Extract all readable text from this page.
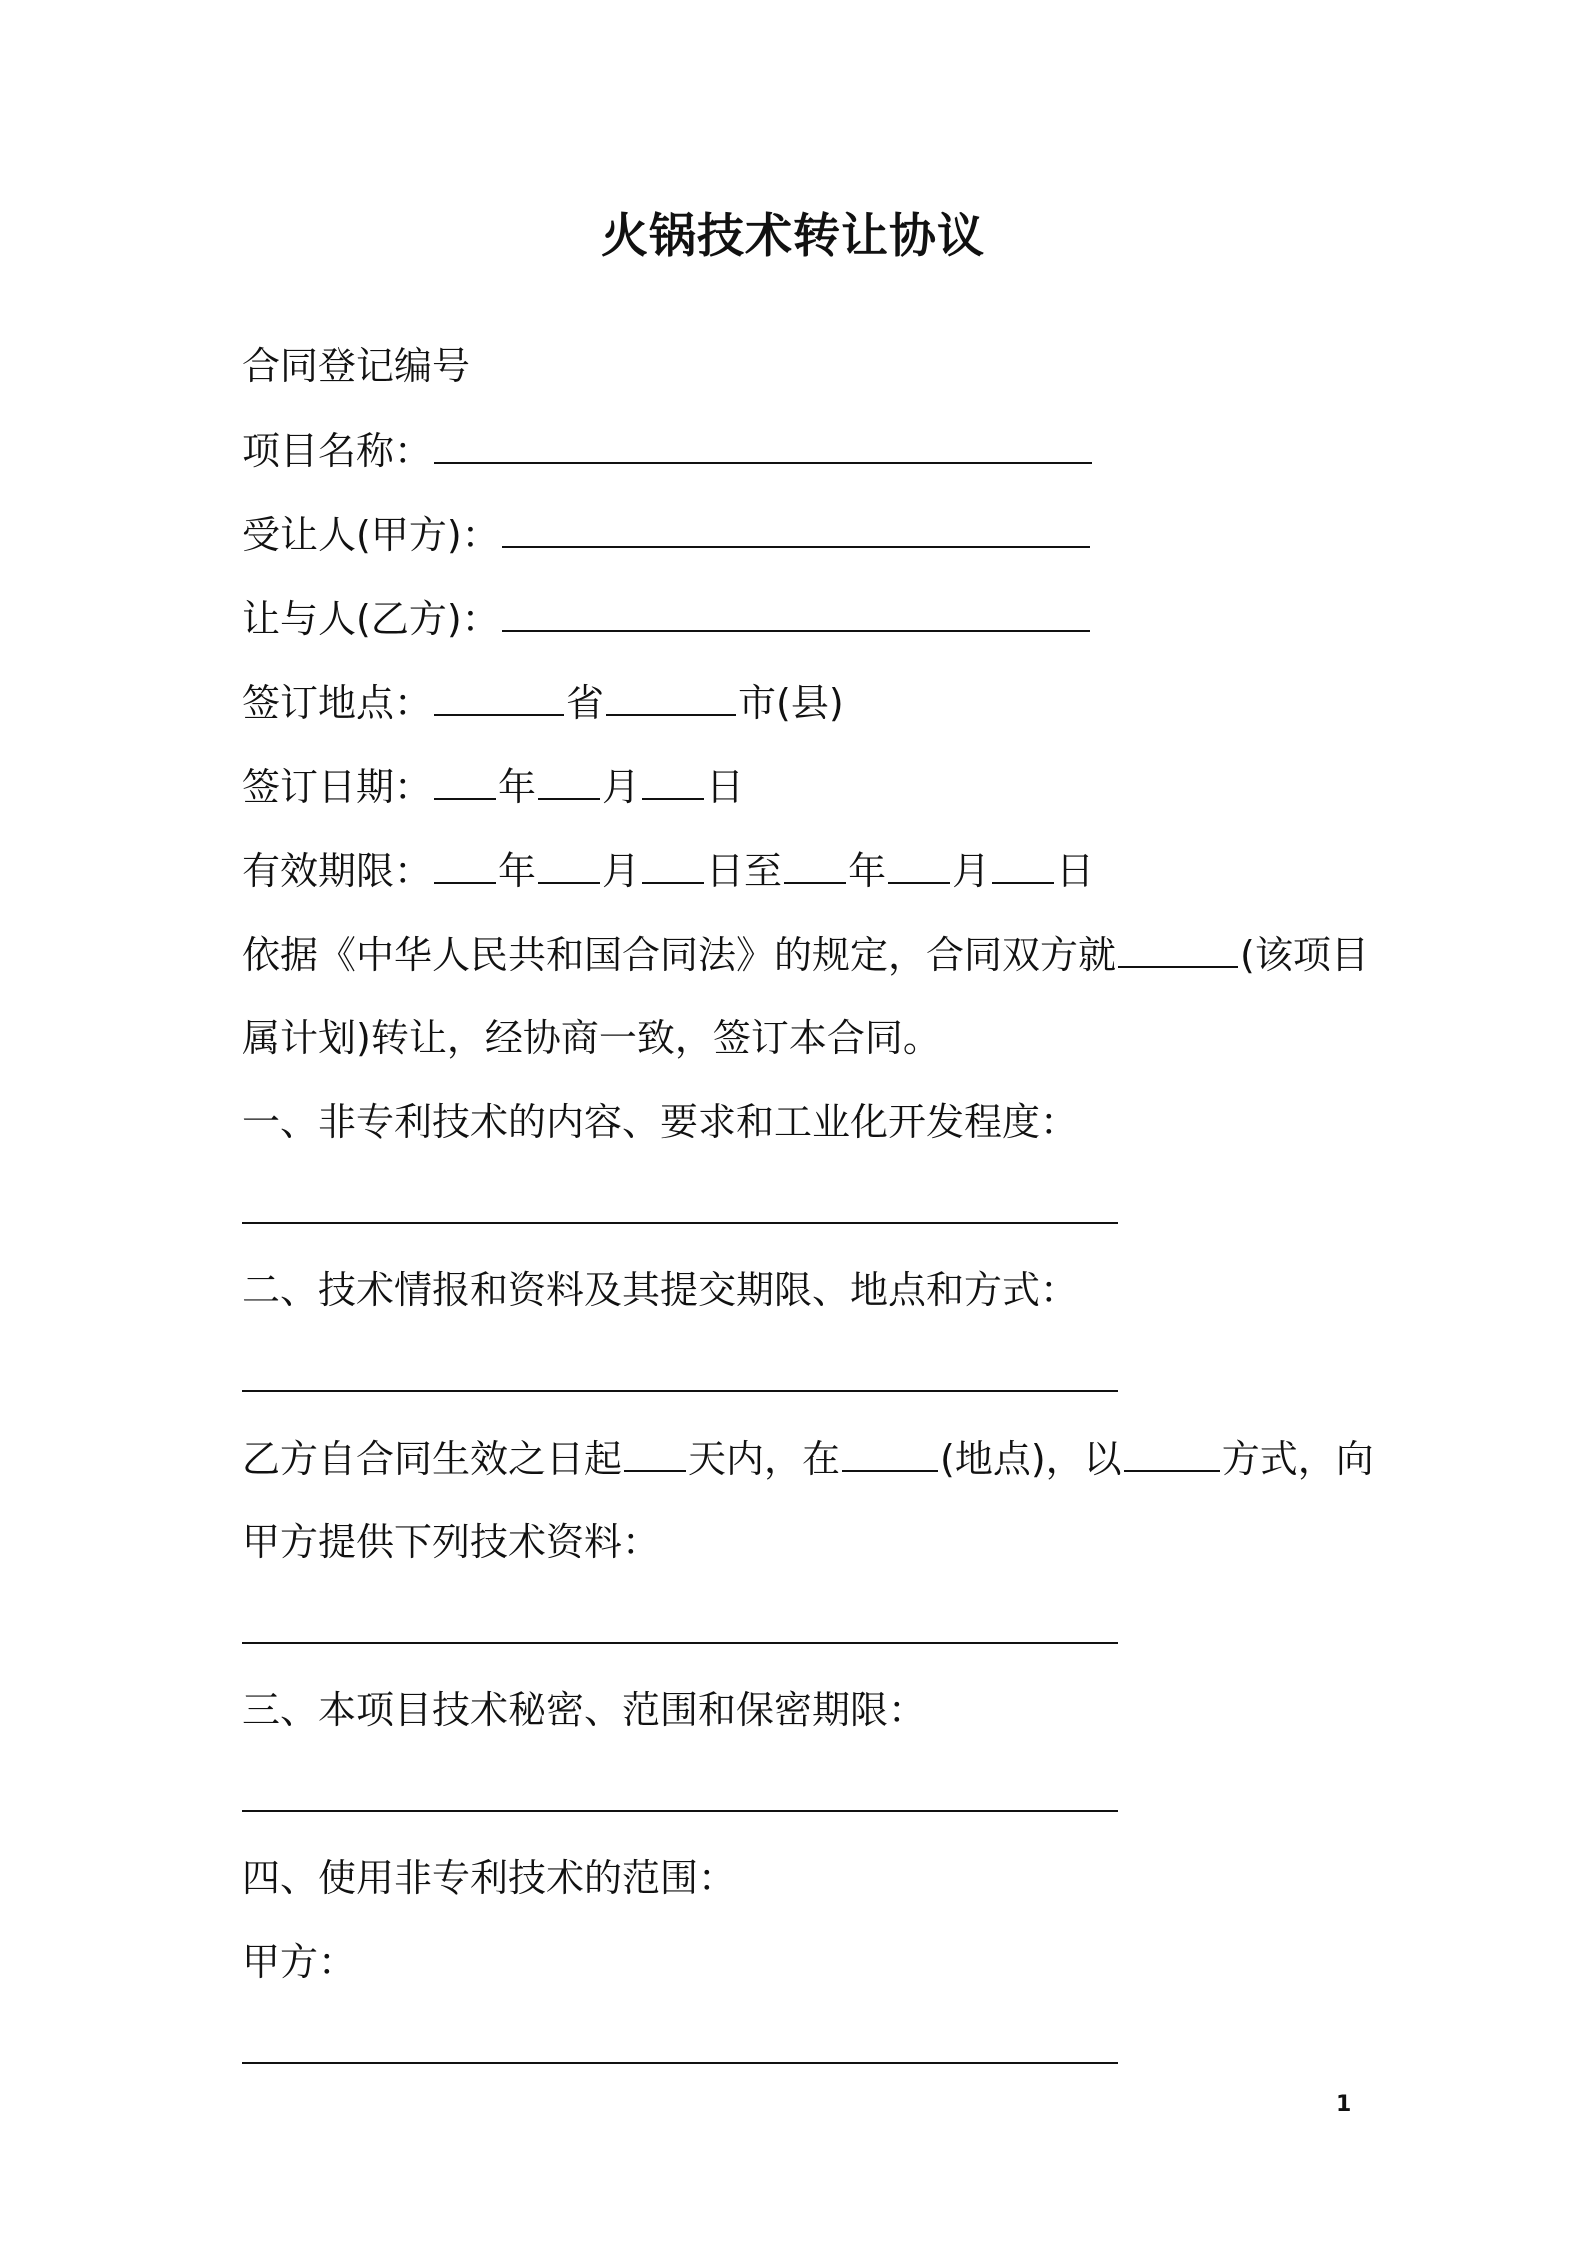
火锅技术转让协议
合同登记编号
项目名称：
受让人(甲方)：
让与人(乙方)：
签订地点：	省	市(县)
签订日期： 年 月 日
有效期限： 年 月 日至 年 月 日
依据《中华人民共和国合同法》的规定，合同双方就	(该项目
属计划)转让，经协商一致，签订本合同。
一、非专利技术的内容、要求和工业化开发程度：
二、技术情报和资料及其提交期限、地点和方式：
乙方自合同生效之日起 天内，在	(地点)，以	方式，向
甲方提供下列技术资料：
三、本项目技术秘密、范围和保密期限：
四、使用非专利技术的范围：
甲方：
1
